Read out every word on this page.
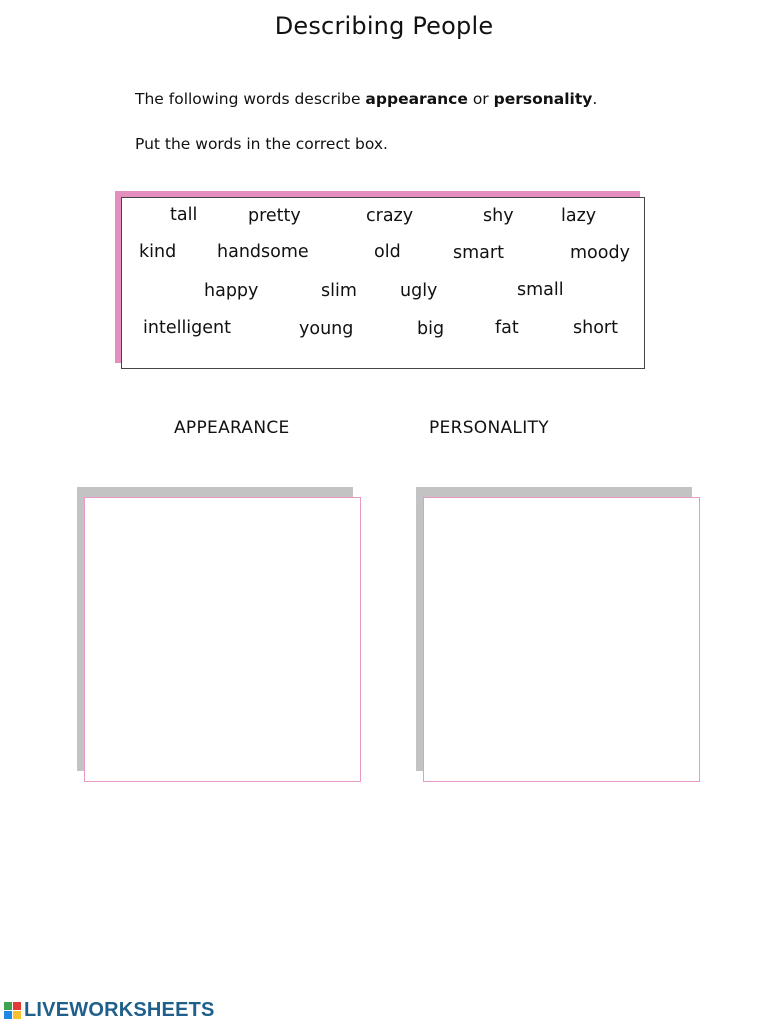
Describing People
The following words describe appearance or personality.
Put the words in the correct box.
tall	pretty	crazy	shy	lazy
kind handsome	old	smart	moody
happy	slim ugly	small
intelligent	young	big	fat	short
APPEARANCE	PERSONALITY
LIVEWORKSHEETS
